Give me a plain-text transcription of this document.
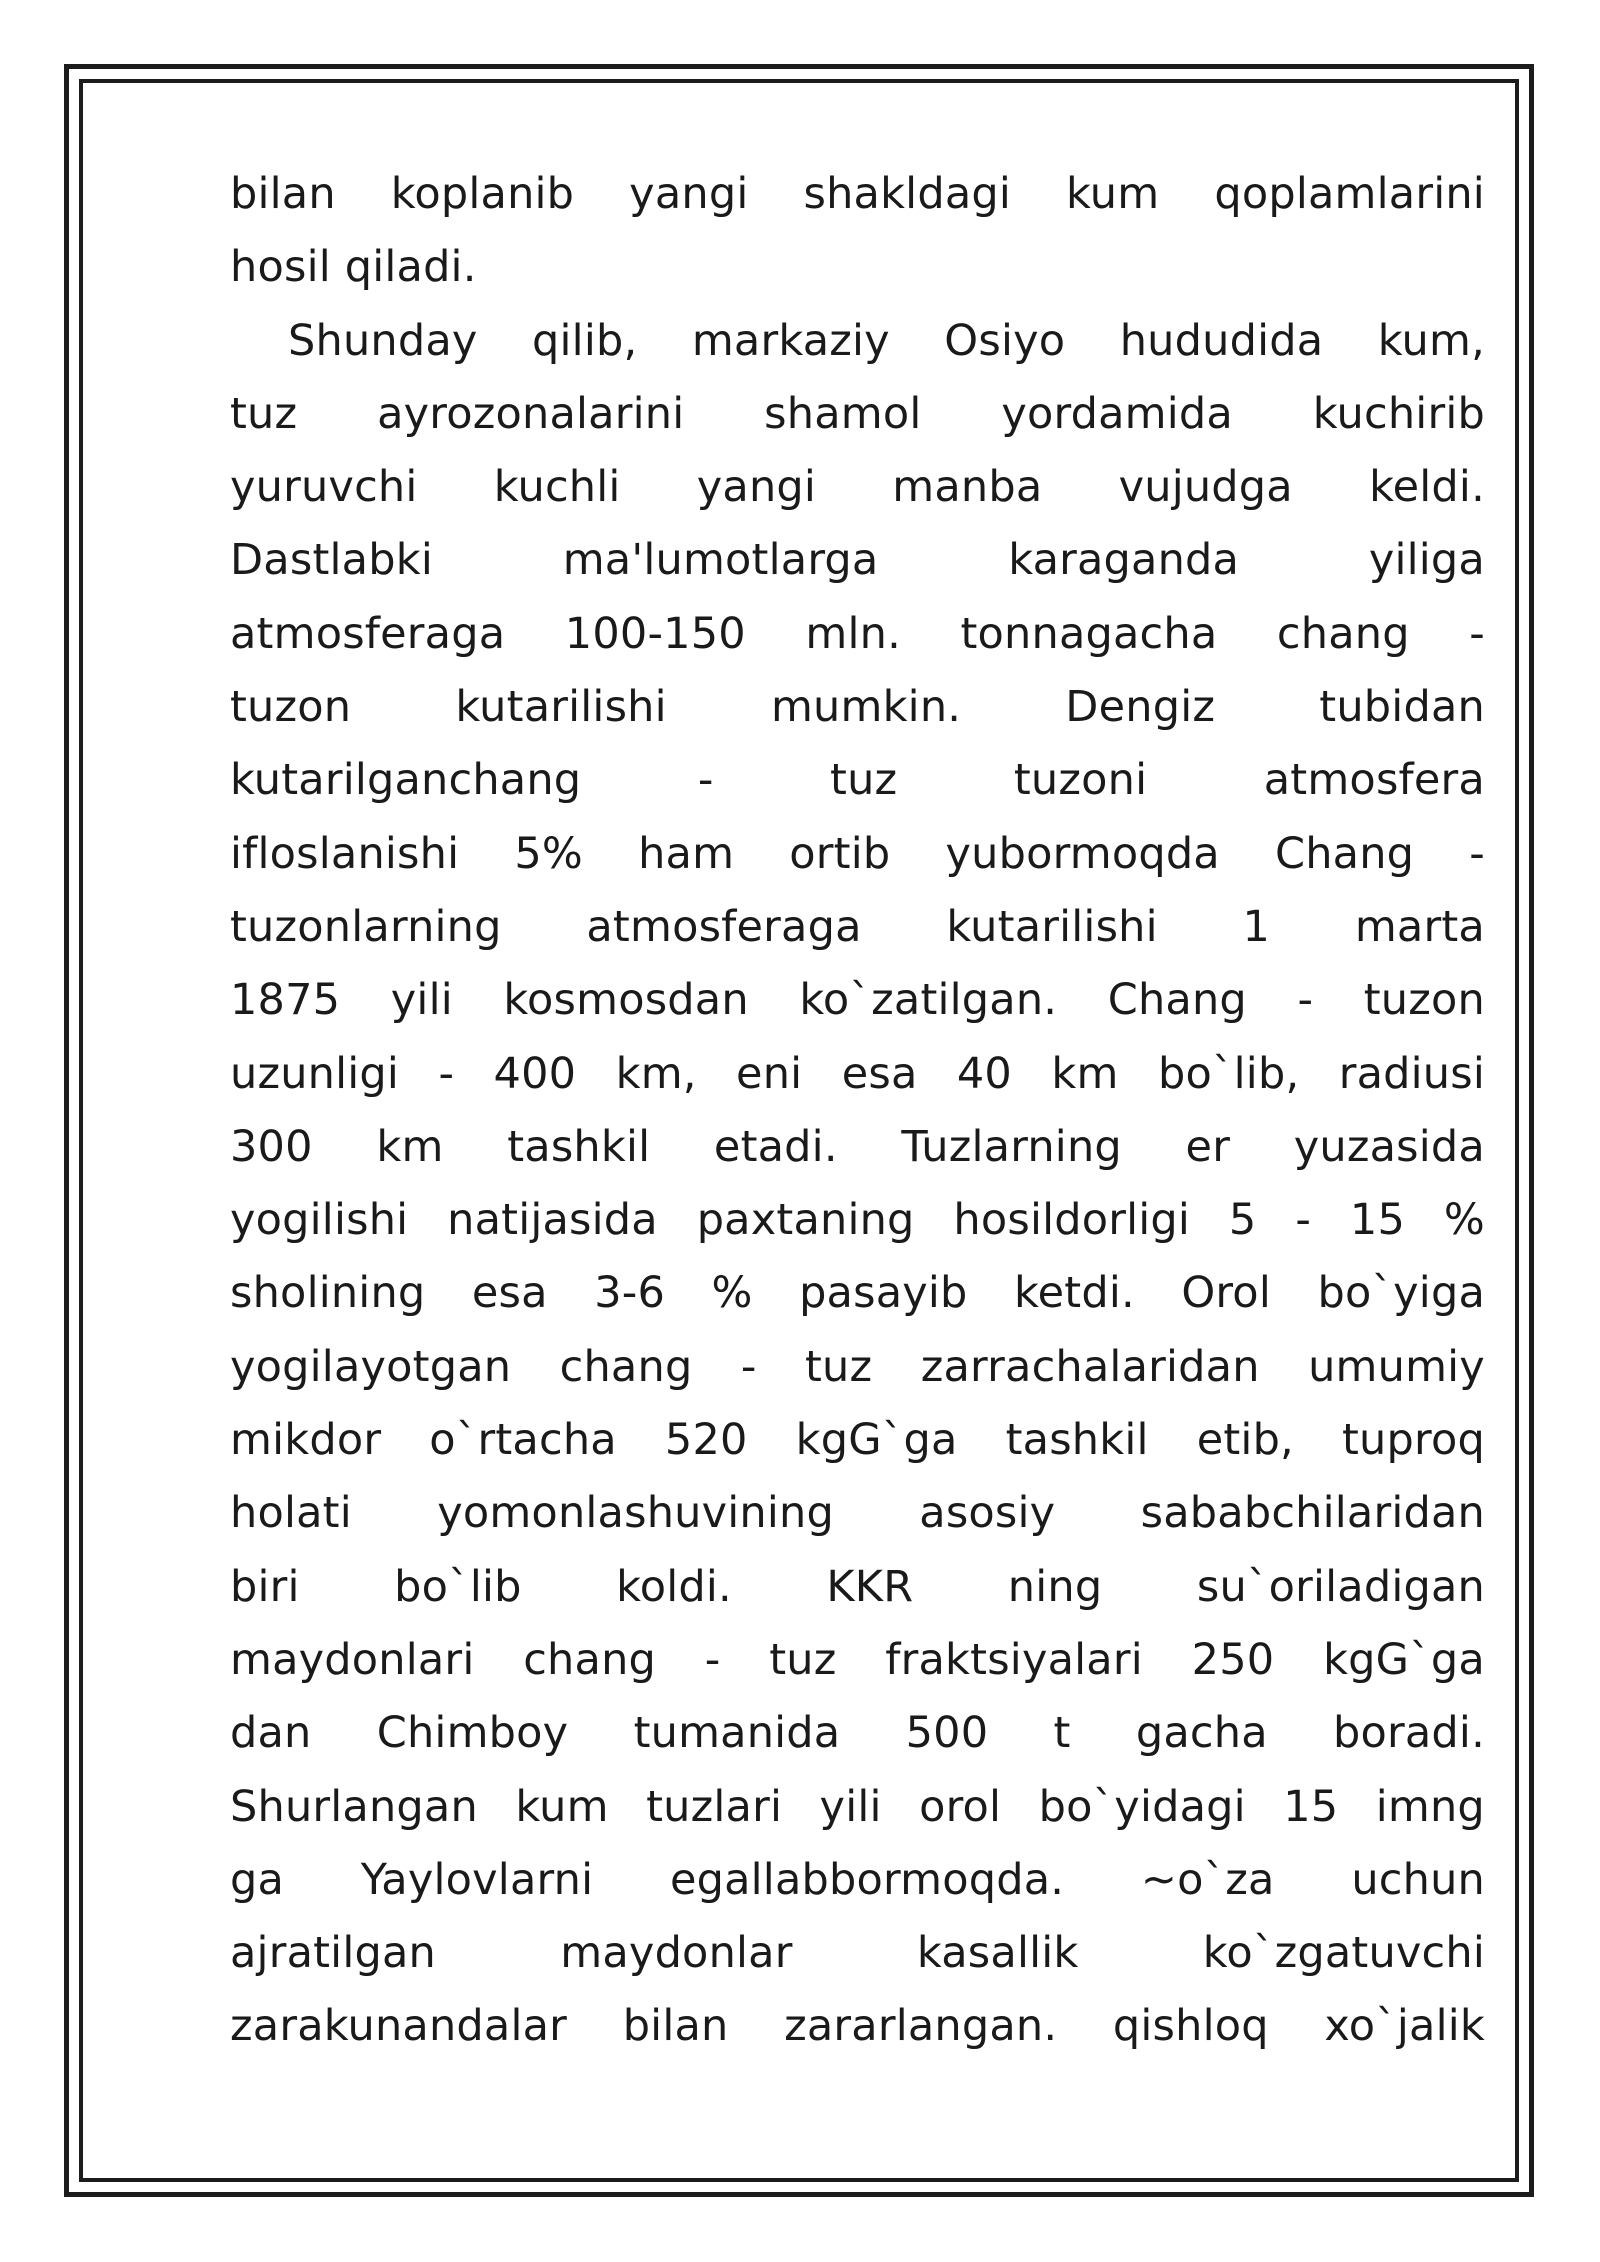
bilan koplanib yangi shakldagi kum qoplamlarini
hosil qiladi.
Shunday qilib, markaziy Osiyo hududida kum,
tuz ayrozonalarini shamol yordamida kuchirib
yuruvchi kuchli yangi manba vujudga keldi.
Dastlabki	ma'lumotlarga	karaganda	yiliga
atmosferaga 100-150 mln. tonnagacha chang -
tuzon kutarilishi mumkin. Dengiz tubidan
kutarilganchang	-	tuz	tuzoni	atmosfera
ifloslanishi 5% ham ortib yubormoqda Chang -
tuzonlarning atmosferaga kutarilishi 1 marta
1875 yili kosmosdan ko`zatilgan. Chang - tuzon
uzunligi - 400 km, eni esa 40 km bo`lib, radiusi
300 km tashkil etadi. Tuzlarning er yuzasida
yogilishi natijasida paxtaning hosildorligi 5 - 15 %
sholining esa 3-6 % pasayib ketdi. Orol bo`yiga
yogilayotgan chang - tuz zarrachalaridan umumiy
mikdor o`rtacha 520 kgG`ga tashkil etib, tuproq
holati yomonlashuvining asosiy sababchilaridan
biri bo`lib koldi. KKR ning su`oriladigan
maydonlari chang - tuz fraktsiyalari 250 kgG`ga
dan Chimboy tumanida 500 t gacha boradi.
Shurlangan kum tuzlari yili orol bo`yidagi 15 imng
ga Yaylovlarni egallabbormoqda. ~o`za uchun
ajratilgan	maydonlar	kasallik	ko`zgatuvchi
zarakunandalar bilan zararlangan. qishloq xo`jalik
